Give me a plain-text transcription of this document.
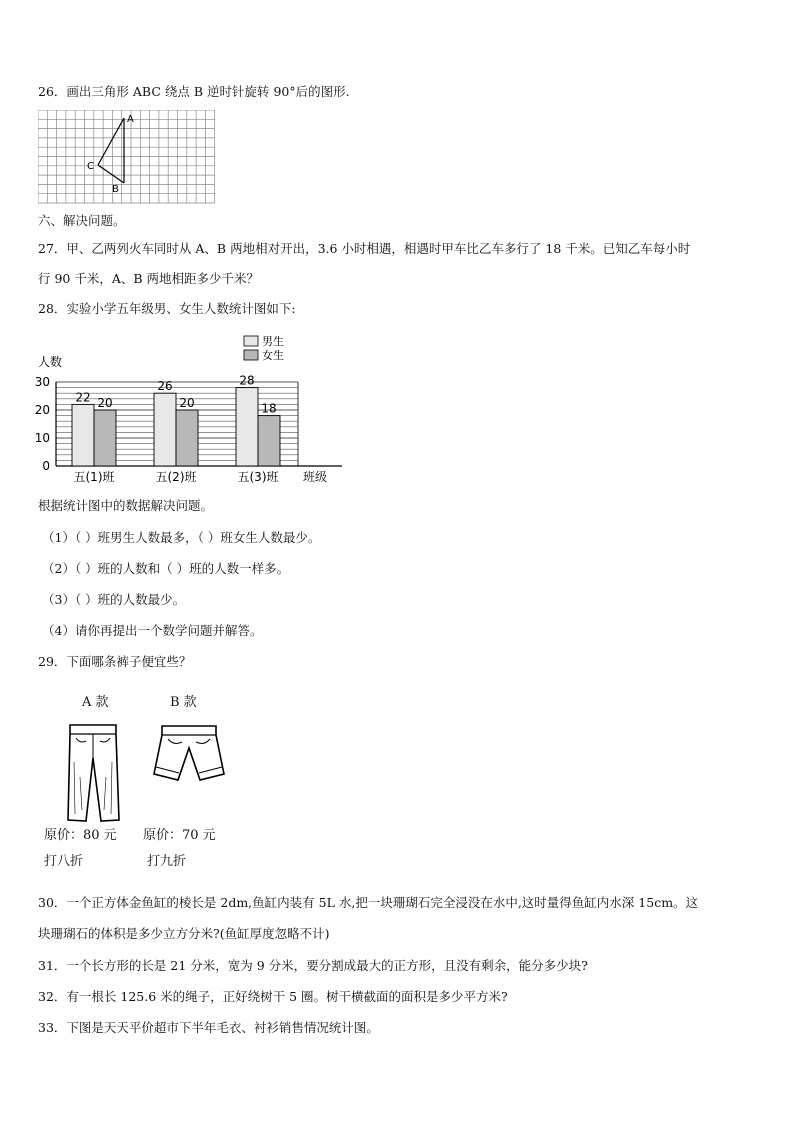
26．画出三角形 ABC 绕点 B 逆时针旋转 90°后的图形.
A
B
C
六、解决问题。
27．甲、乙两列火车同时从 A、B 两地相对开出，3.6 小时相遇，相遇时甲车比乙车多行了 18 千米。已知乙车每小时
行 90 千米，A、B 两地相距多少千米？
28．实验小学五年级男、女生人数统计图如下:
0
10
20
30
人数
班级
男生
女生
22 20
五(1)班
26
20
五(2)班
28
18
五(3)班
根据统计图中的数据解决问题。
（1）（ ）班男生人数最多，（ ）班女生人数最少。
（2）（ ）班的人数和（ ）班的人数一样多。
（3）（ ）班的人数最少。
（4）请你再提出一个数学问题并解答。
29．下面哪条裤子便宜些？
A 款	B 款
原价：80 元 原价：70 元
打八折	打九折
30．一个正方体金鱼缸的棱长是 2dm,鱼缸内装有 5L 水,把一块珊瑚石完全浸没在水中,这时量得鱼缸内水深 15cm。这
块珊瑚石的体积是多少立方分米?(鱼缸厚度忽略不计)
31．一个长方形的长是 21 分米，宽为 9 分米，要分割成最大的正方形，且没有剩余，能分多少块?
32．有一根长 125.6 米的绳子，正好绕树干 5 圈。树干横截面的面积是多少平方米?
33．下图是天天平价超市下半年毛衣、衬衫销售情况统计图。
